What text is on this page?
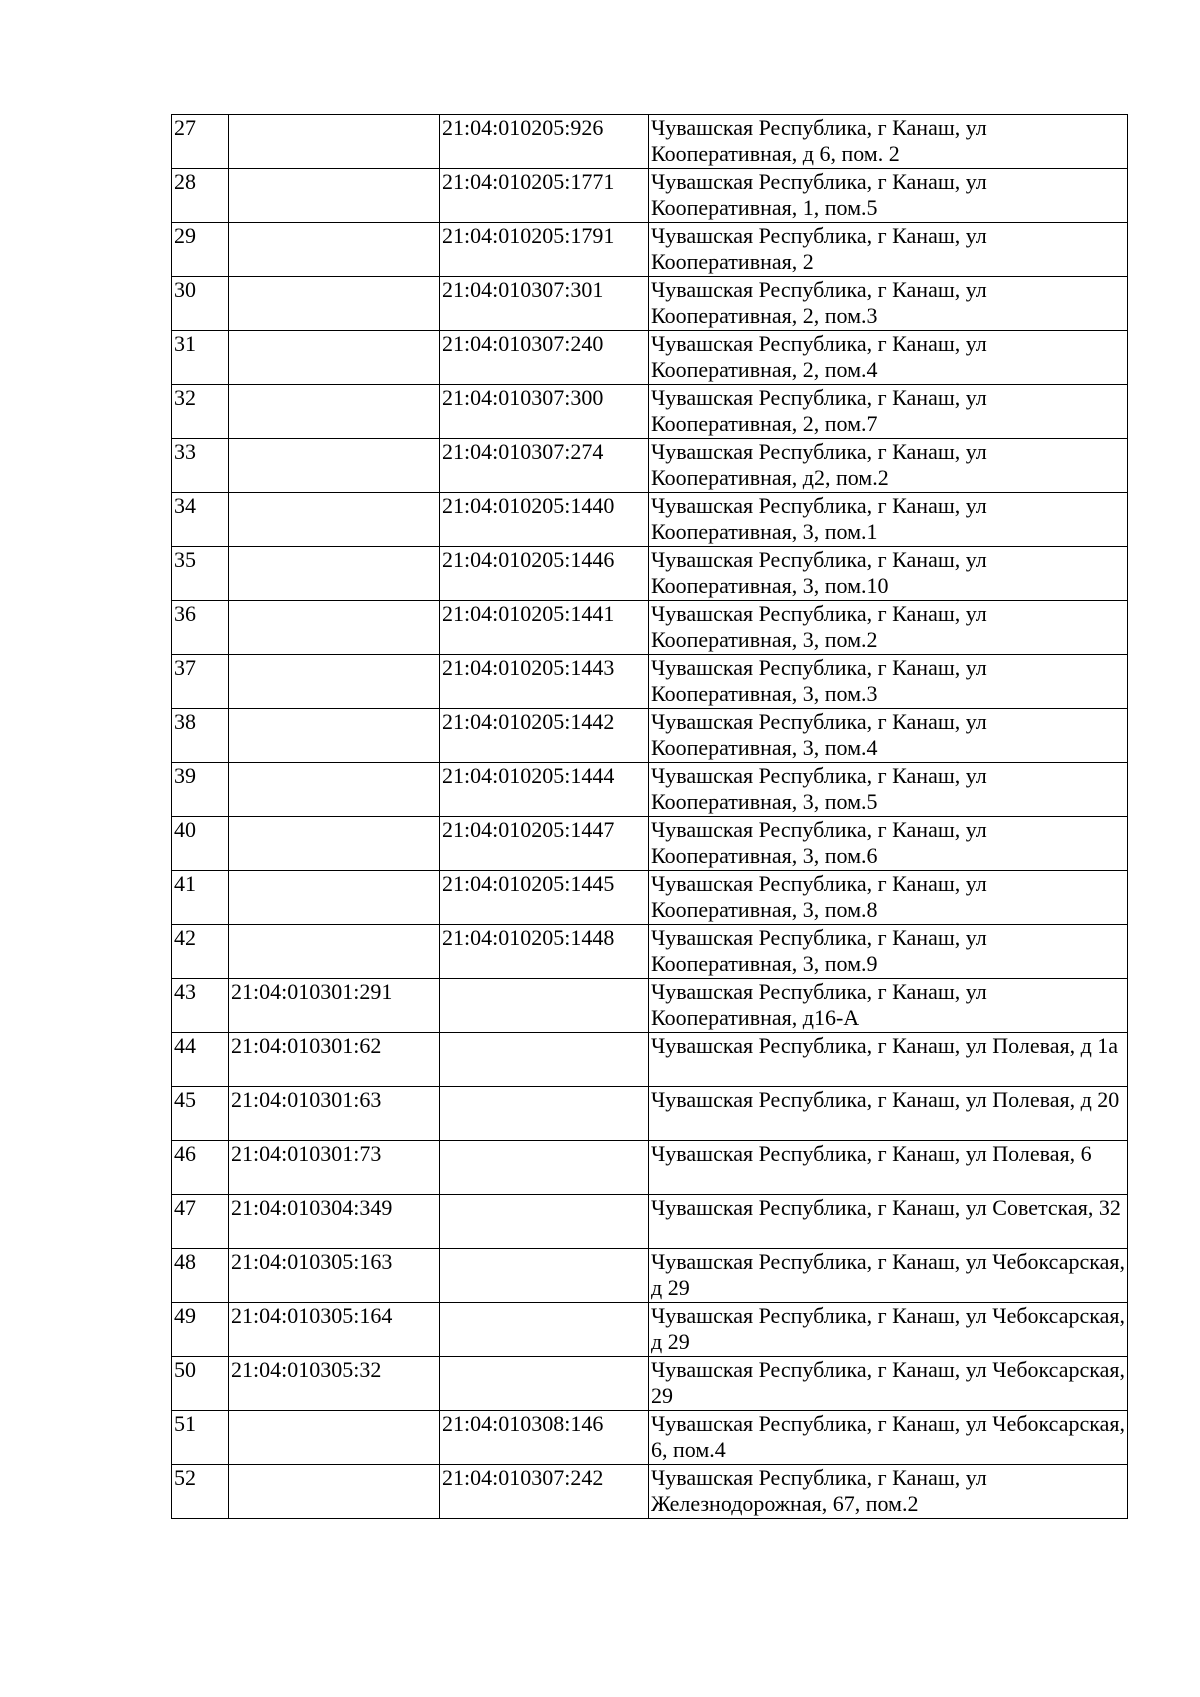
27		21:04:010205:926	Чувашская Республика, г Канаш, ул Кооперативная, д 6, пом. 2
28		21:04:010205:1771	Чувашская Республика, г Канаш, ул Кооперативная, 1, пом.5
29		21:04:010205:1791	Чувашская Республика, г Канаш, ул Кооперативная, 2
30		21:04:010307:301	Чувашская Республика, г Канаш, ул Кооперативная, 2, пом.3
31		21:04:010307:240	Чувашская Республика, г Канаш, ул Кооперативная, 2, пом.4
32		21:04:010307:300	Чувашская Республика, г Канаш, ул Кооперативная, 2, пом.7
33		21:04:010307:274	Чувашская Республика, г Канаш, ул Кооперативная, д2, пом.2
34		21:04:010205:1440	Чувашская Республика, г Канаш, ул Кооперативная, 3, пом.1
35		21:04:010205:1446	Чувашская Республика, г Канаш, ул Кооперативная, 3, пом.10
36		21:04:010205:1441	Чувашская Республика, г Канаш, ул Кооперативная, 3, пом.2
37		21:04:010205:1443	Чувашская Республика, г Канаш, ул Кооперативная, 3, пом.3
38		21:04:010205:1442	Чувашская Республика, г Канаш, ул Кооперативная, 3, пом.4
39		21:04:010205:1444	Чувашская Республика, г Канаш, ул Кооперативная, 3, пом.5
40		21:04:010205:1447	Чувашская Республика, г Канаш, ул Кооперативная, 3, пом.6
41		21:04:010205:1445	Чувашская Республика, г Канаш, ул Кооперативная, 3, пом.8
42		21:04:010205:1448	Чувашская Республика, г Канаш, ул Кооперативная, 3, пом.9
43	21:04:010301:291		Чувашская Республика, г Канаш, ул Кооперативная, д16-А
44	21:04:010301:62		Чувашская Республика, г Канаш, ул Полевая, д 1а
45	21:04:010301:63		Чувашская Республика, г Канаш, ул Полевая, д 20
46	21:04:010301:73		Чувашская Республика, г Канаш, ул Полевая, 6
47	21:04:010304:349		Чувашская Республика, г Канаш, ул Советская, 32
48	21:04:010305:163		Чувашская Республика, г Канаш, ул Чебоксарская, д 29
49	21:04:010305:164		Чувашская Республика, г Канаш, ул Чебоксарская, д 29
50	21:04:010305:32		Чувашская Республика, г Канаш, ул Чебоксарская, 29
51		21:04:010308:146	Чувашская Республика, г Канаш, ул Чебоксарская, 6, пом.4
52		21:04:010307:242	Чувашская Республика, г Канаш, ул Железнодорожная, 67, пом.2
